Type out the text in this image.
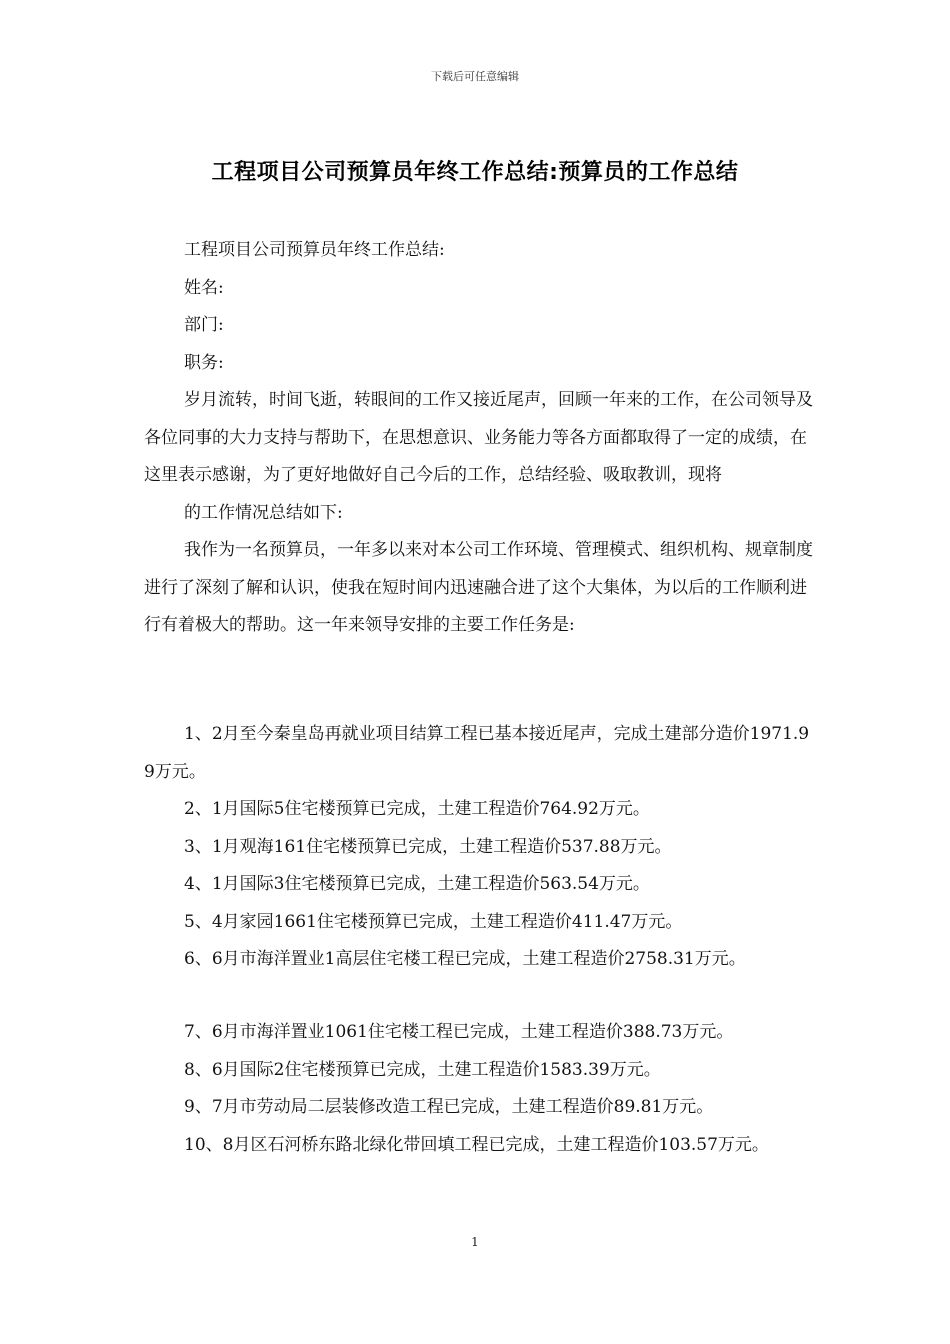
下载后可任意编辑
工程项目公司预算员年终工作总结:预算员的工作总结

工程项目公司预算员年终工作总结:

姓名:

部门:

职务:

岁月流转，时间飞逝，转眼间的工作又接近尾声，回顾一年来的工作，在公司领导及各位同事的大力支持与帮助下，在思想意识、业务能力等各方面都取得了一定的成绩，在这里表示感谢，为了更好地做好自己今后的工作，总结经验、吸取教训，现将

的工作情况总结如下:

我作为一名预算员，一年多以来对本公司工作环境、管理模式、组织机构、规章制度进行了深刻了解和认识，使我在短时间内迅速融合进了这个大集体，为以后的工作顺利进行有着极大的帮助。这一年来领导安排的主要工作任务是:

1、2月至今秦皇岛再就业项目结算工程已基本接近尾声，完成土建部分造价1971.99万元。

2、1月国际5住宅楼预算已完成，土建工程造价764.92万元。

3、1月观海161住宅楼预算已完成，土建工程造价537.88万元。

4、1月国际3住宅楼预算已完成，土建工程造价563.54万元。

5、4月家园1661住宅楼预算已完成，土建工程造价411.47万元。

6、6月市海洋置业1高层住宅楼工程已完成，土建工程造价2758.31万元。

7、6月市海洋置业1061住宅楼工程已完成，土建工程造价388.73万元。

8、6月国际2住宅楼预算已完成，土建工程造价1583.39万元。

9、7月市劳动局二层装修改造工程已完成，土建工程造价89.81万元。

10、8月区石河桥东路北绿化带回填工程已完成，土建工程造价103.57万元。

1
